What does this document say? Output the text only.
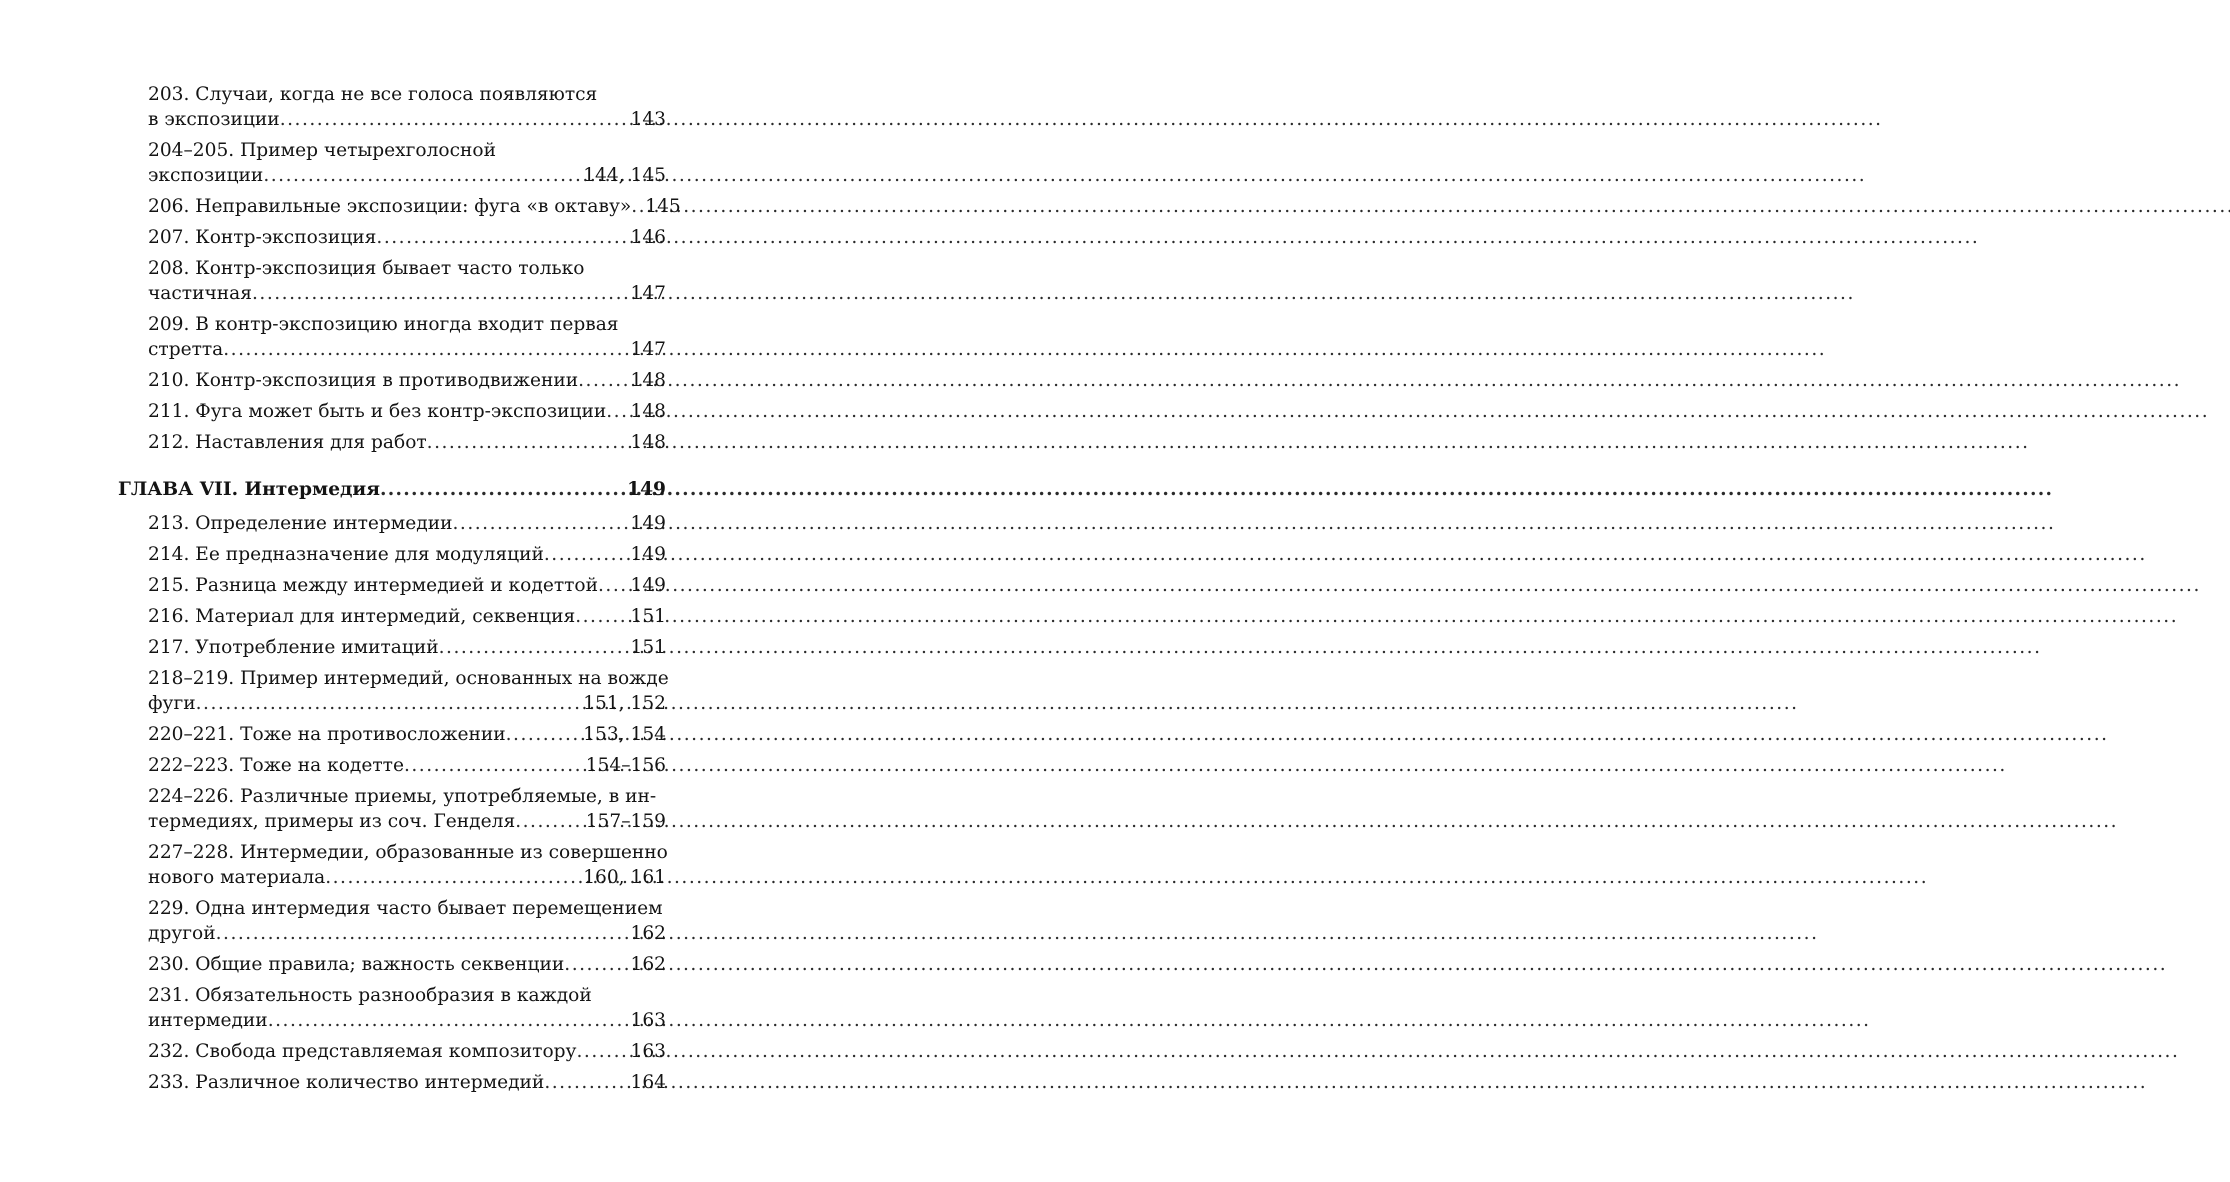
203. Случаи, когда не все голоса появляются
в экспозиции . . .	143
204–205. Пример четырехголосной
экспозиции . . .	144, 145
206. Неправильные экспозиции: фуга «в октаву» . . . 145
207. Контр-экспозиция . . .	146
208. Контр-экспозиция бывает часто только
частичная . . .	147
209. В контр-экспозицию иногда входит первая
стретта . . .	147
210. Контр-экспозиция в противодвижении . . .	148
211. Фуга может быть и без контр-экспозиции . . . 148
212. Наставления для работ . . .	148
ГЛАВА VII. Интермедия . . .	149
213. Определение интермедии . . .	149
214. Ее предназначение для модуляций . . .	149
215. Разница между интермедией и кодеттой . . . 149
216. Материал для интермедий, секвенция . . .	151
217. Употребление имитаций . . .	151
218–219. Пример интермедий, основанных на вожде
фуги . . .	151, 152
220–221. Тоже на противосложении . . .	153, 154
222–223. Тоже на кодетте . . .	154–156
224–226. Различные приемы, употребляемые, в ин-
термедиях, примеры из соч. Генделя . . .	157–159
227–228. Интермедии, образованные из совершенно
нового материала . . .	160, 161
229. Одна интермедия часто бывает перемещением
другой . . .	162
230. Общие правила; важность секвенции . . .	162
231. Обязательность разнообразия в каждой
интермедии . . .	163
232. Свобода представляемая композитору . . .	163
233. Различное количество интермедий . . .	164
